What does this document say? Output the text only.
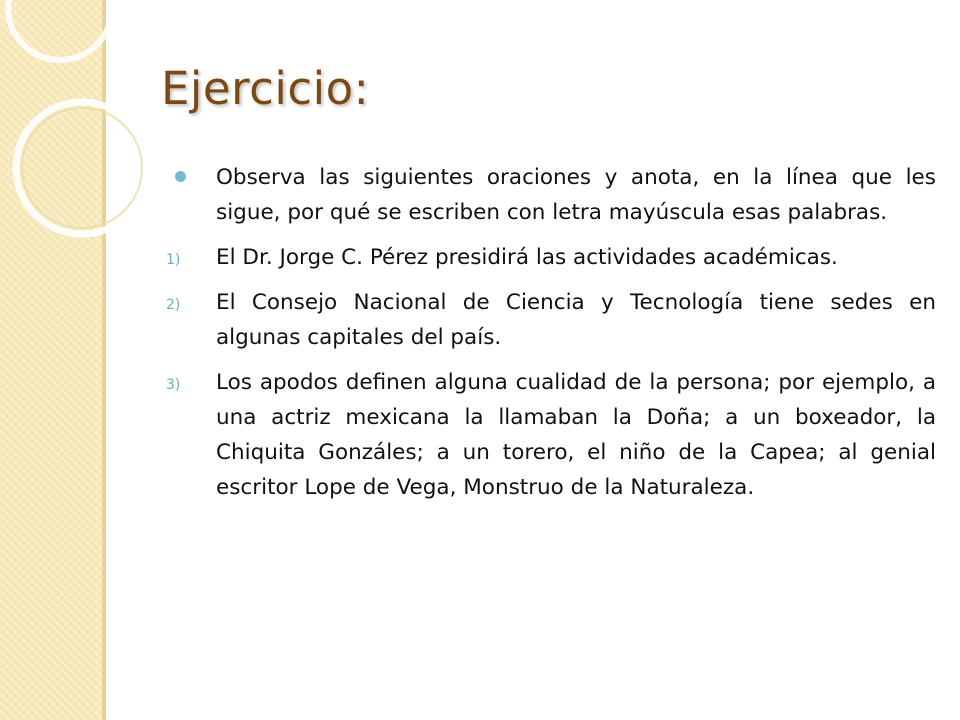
Ejercicio:

Observa las siguientes oraciones y anota, en la línea que les sigue, por qué se escriben con letra mayúscula esas palabras.

1) El Dr. Jorge C. Pérez presidirá las actividades académicas.

2) El Consejo Nacional de Ciencia y Tecnología tiene sedes en algunas capitales del país.

3) Los apodos definen alguna cualidad de la persona; por ejemplo, a una actriz mexicana la llamaban la Doña; a un boxeador, la Chiquita Gonzáles; a un torero, el niño de la Capea; al genial escritor Lope de Vega, Monstruo de la Naturaleza.
